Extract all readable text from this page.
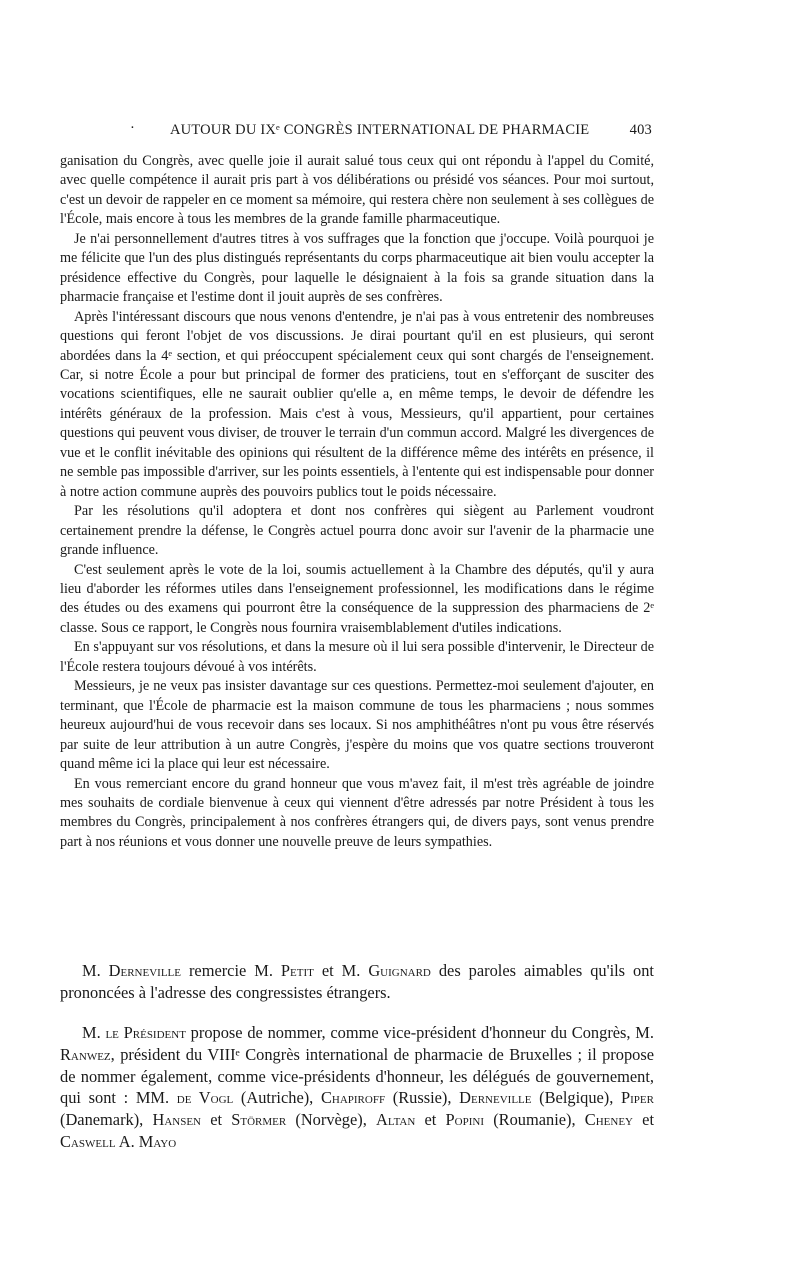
· AUTOUR DU IXᵉ CONGRÈS INTERNATIONAL DE PHARMACIE	403

ganisation du Congrès, avec quelle joie il aurait salué tous ceux qui ont répondu à l'appel du Comité, avec quelle compétence il aurait pris part à vos délibérations ou présidé vos séances. Pour moi surtout, c'est un devoir de rappeler en ce moment sa mémoire, qui restera chère non seulement à ses collègues de l'École, mais encore à tous les membres de la grande famille pharmaceutique.

Je n'ai personnellement d'autres titres à vos suffrages que la fonction que j'occupe. Voilà pourquoi je me félicite que l'un des plus distingués représentants du corps pharmaceutique ait bien voulu accepter la présidence effective du Congrès, pour laquelle le désignaient à la fois sa grande situation dans la pharmacie française et l'estime dont il jouit auprès de ses confrères.

Après l'intéressant discours que nous venons d'entendre, je n'ai pas à vous entretenir des nombreuses questions qui feront l'objet de vos discussions. Je dirai pourtant qu'il en est plusieurs, qui seront abordées dans la 4ᵉ section, et qui préoccupent spécialement ceux qui sont chargés de l'enseignement. Car, si notre École a pour but principal de former des praticiens, tout en s'efforçant de susciter des vocations scientifiques, elle ne saurait oublier qu'elle a, en même temps, le devoir de défendre les intérêts généraux de la profession. Mais c'est à vous, Messieurs, qu'il appartient, pour certaines questions qui peuvent vous diviser, de trouver le terrain d'un commun accord. Malgré les divergences de vue et le conflit inévitable des opinions qui résultent de la différence même des intérêts en présence, il ne semble pas impossible d'arriver, sur les points essentiels, à l'entente qui est indispensable pour donner à notre action commune auprès des pouvoirs publics tout le poids nécessaire.

Par les résolutions qu'il adoptera et dont nos confrères qui siègent au Parlement voudront certainement prendre la défense, le Congrès actuel pourra donc avoir sur l'avenir de la pharmacie une grande influence.

C'est seulement après le vote de la loi, soumis actuellement à la Chambre des députés, qu'il y aura lieu d'aborder les réformes utiles dans l'enseignement professionnel, les modifications dans le régime des études ou des examens qui pourront être la conséquence de la suppression des pharmaciens de 2ᵉ classe. Sous ce rapport, le Congrès nous fournira vraisemblablement d'utiles indications.

En s'appuyant sur vos résolutions, et dans la mesure où il lui sera possible d'intervenir, le Directeur de l'École restera toujours dévoué à vos intérêts.

Messieurs, je ne veux pas insister davantage sur ces questions. Permettez-moi seulement d'ajouter, en terminant, que l'École de pharmacie est la maison commune de tous les pharmaciens ; nous sommes heureux aujourd'hui de vous recevoir dans ses locaux. Si nos amphithéâtres n'ont pu vous être réservés par suite de leur attribution à un autre Congrès, j'espère du moins que vos quatre sections trouveront quand même ici la place qui leur est nécessaire.

En vous remerciant encore du grand honneur que vous m'avez fait, il m'est très agréable de joindre mes souhaits de cordiale bienvenue à ceux qui viennent d'être adressés par notre Président à tous les membres du Congrès, principalement à nos confrères étrangers qui, de divers pays, sont venus prendre part à nos réunions et vous donner une nouvelle preuve de leurs sympathies.

M. Derneville remercie M. Petit et M. Guignard des paroles aimables qu'ils ont prononcées à l'adresse des congressistes étrangers.

M. le Président propose de nommer, comme vice-président d'honneur du Congrès, M. Ranwez, président du VIIIᵉ Congrès international de pharmacie de Bruxelles ; il propose de nommer également, comme vice-présidents d'honneur, les délégués de gouvernement, qui sont : MM. de Vogl (Autriche), Chapiroff (Russie), Derneville (Belgique), Piper (Danemark), Hansen et Störmer (Norvège), Altan et Popini (Roumanie), Cheney et Caswell A. Mayo
